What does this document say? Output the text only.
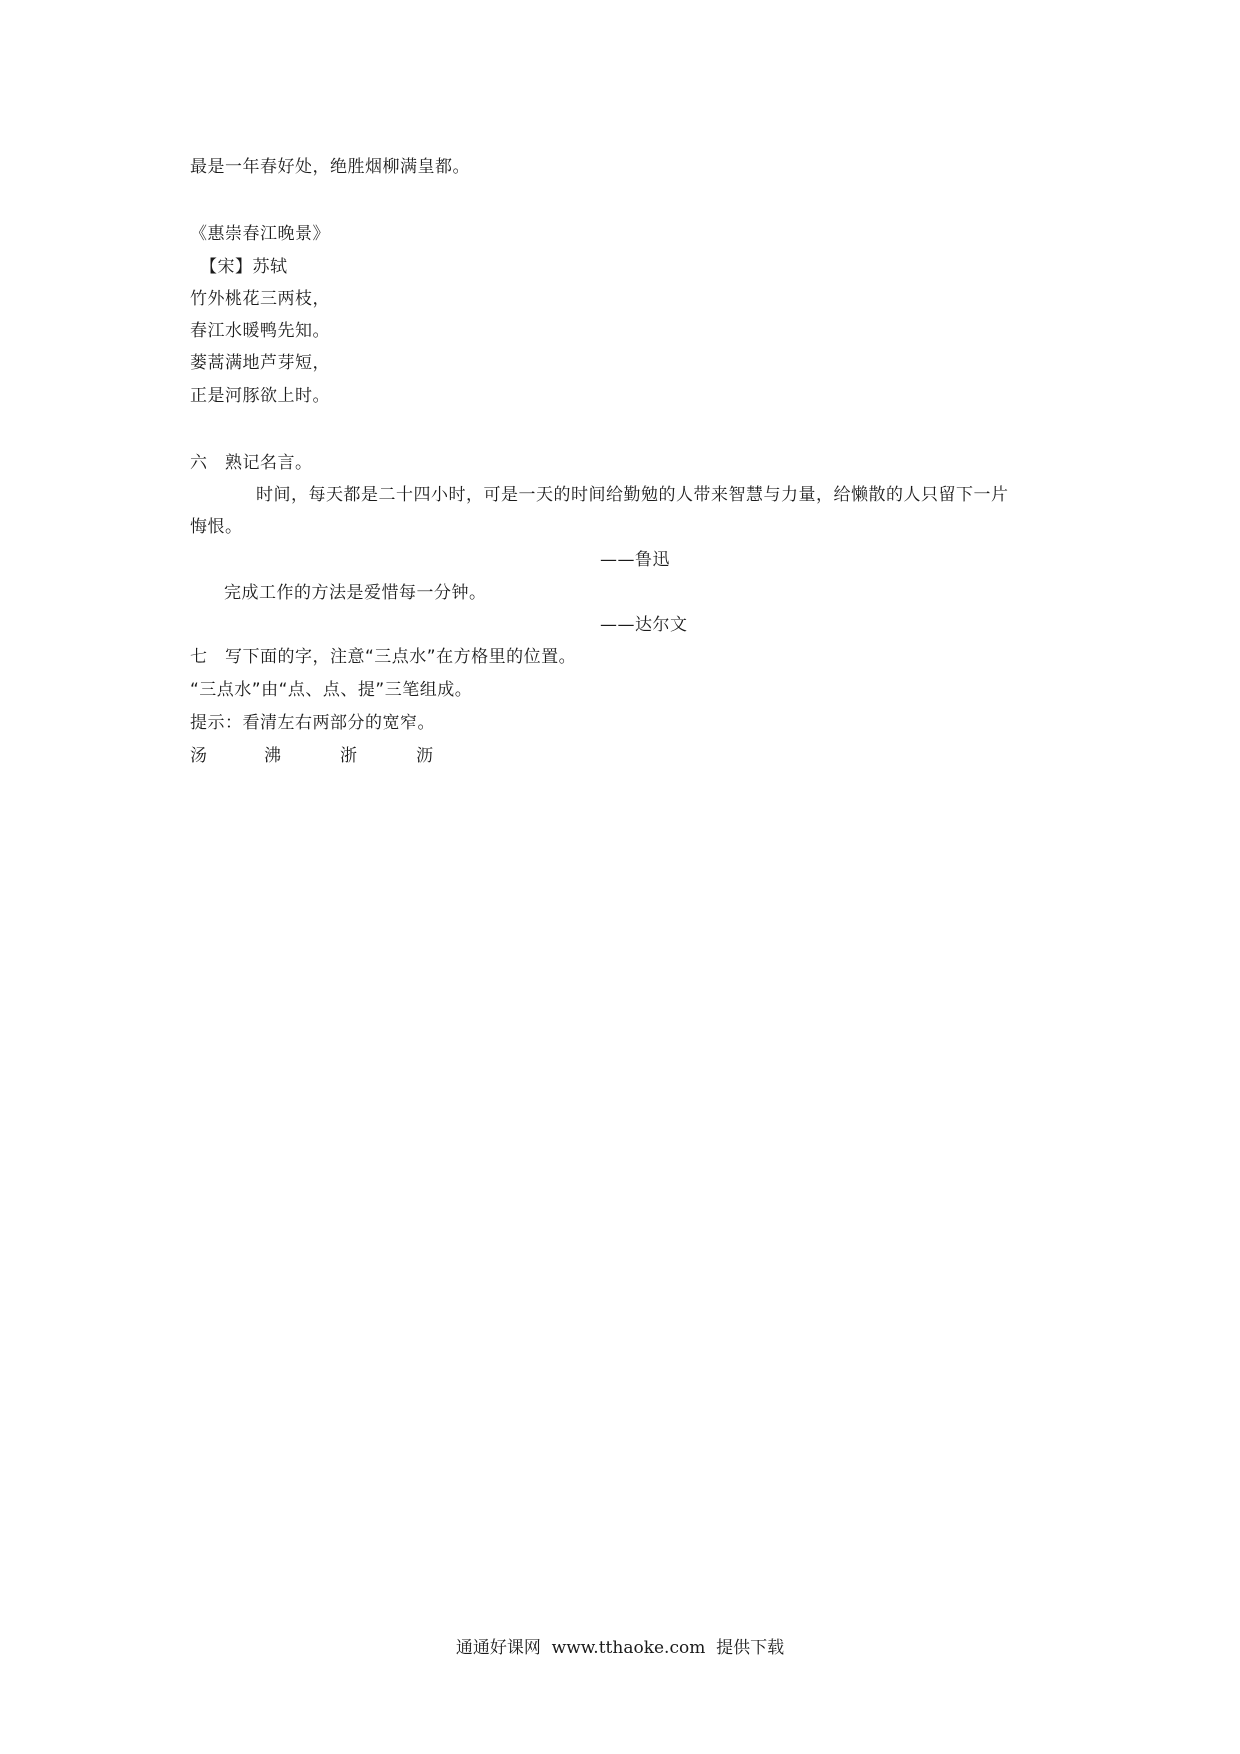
最是一年春好处，绝胜烟柳满皇都。
《惠崇春江晚景》
【宋】苏轼
竹外桃花三两枝，
春江水暖鸭先知。
蒌蒿满地芦芽短，
正是河豚欲上时。
六　熟记名言。
时间，每天都是二十四小时，可是一天的时间给勤勉的人带来智慧与力量，给懒散的人只留下一片
悔恨。
——鲁迅
完成工作的方法是爱惜每一分钟。
——达尔文
七　写下面的字，注意“三点水”在方格里的位置。
“三点水”由“点、点、提”三笔组成。
提示：看清左右两部分的宽窄。
汤	沸	浙	沥
通通好课网  www.tthaoke.com  提供下载
